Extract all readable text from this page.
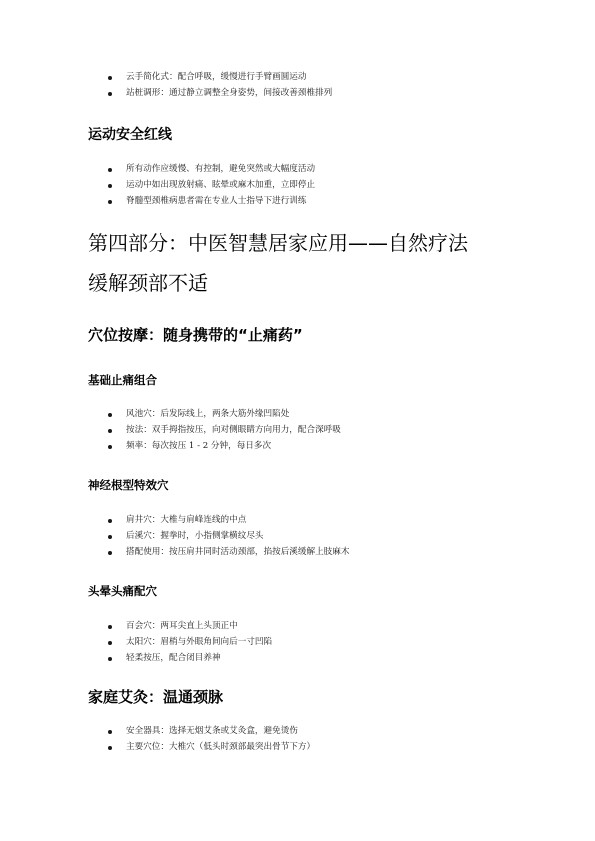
云手简化式：配合呼吸，缓慢进行手臂画圆运动
站桩调形：通过静立调整全身姿势，间接改善颈椎排列
运动安全红线
所有动作应缓慢、有控制，避免突然或大幅度活动
运动中如出现放射痛、眩晕或麻木加重，立即停止
脊髓型颈椎病患者需在专业人士指导下进行训练
第四部分：中医智慧居家应用——自然疗法
缓解颈部不适
穴位按摩：随身携带的“止痛药”
基础止痛组合
风池穴：后发际线上，两条大筋外缘凹陷处
按法：双手拇指按压，向对侧眼睛方向用力，配合深呼吸
频率：每次按压 1 - 2 分钟，每日多次
神经根型特效穴
肩井穴：大椎与肩峰连线的中点
后溪穴：握拳时，小指侧掌横纹尽头
搭配使用：按压肩井同时活动颈部，掐按后溪缓解上肢麻木
头晕头痛配穴
百会穴：两耳尖直上头顶正中
太阳穴：眉梢与外眼角间向后一寸凹陷
轻柔按压，配合闭目养神
家庭艾灸：温通颈脉
安全器具：选择无烟艾条或艾灸盒，避免烫伤
主要穴位：大椎穴（低头时颈部最突出骨节下方）
